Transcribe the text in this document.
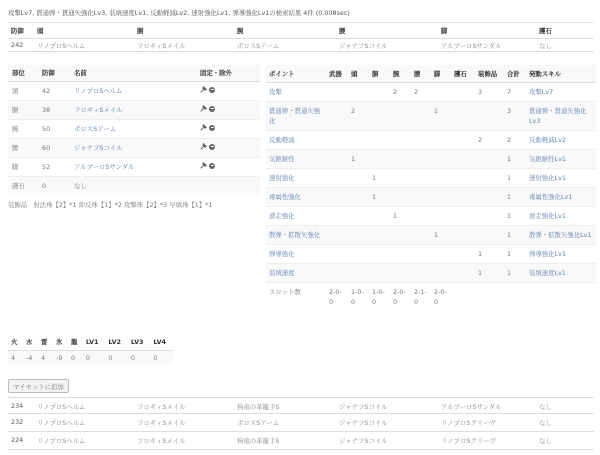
攻撃Lv7, 貫通弾・貫通矢強化Lv3, 装填速度Lv1, 反動軽減Lv2, 速射強化Lv1, 弾導強化Lv1の検索結果 4件 (0.008sec)
防御	頭	胴	腕	腰	脚	護石
242	リノプロSヘルム	フロギィSメイル	ボロスSアーム	ジャナフSコイル	アルブーロSサンダル	なし
部位	防御	名前	固定・除外
頭	42	リノプロSヘルム	

胴	38	フロギィSメイル	

腕	50	ボロスSアーム	

腰	60	ジャナフSコイル	

脚	52	アルブーロSサンダル	

護石	0	なし	
装飾品 射法珠【2】*1 抑反珠【1】*2 攻撃珠【2】*3 早填珠【1】*1
ポイント	武器	頭	胴	腕	腰	脚	護石	装飾品	合計	発動スキル
攻撃				2	2			3	7	攻撃Lv7
貫通弾・貫通矢強化		2				1			3	貫通弾・貫通矢強化Lv3
反動軽減								2	2	反動軽減Lv2
気絶耐性		1							1	気絶耐性Lv1
速射強化			1						1	速射強化Lv1
毒属性強化			1						1	毒属性強化Lv1
滑走強化				1					1	滑走強化Lv1
散弾・拡散矢強化						1			1	散弾・拡散矢強化Lv1
弾導強化								1	1	弾導強化Lv1
装填速度								1	1	装填速度Lv1
スロット数	2-0-0	1-0-0	1-0-0	2-0-0	2-1-0	2-0-0				
火	水	雷	氷	龍	LV1	LV2	LV3	LV4
4	-4	4	-9	0	0	0	0	0
マイセットに追加
234	リノプロSヘルム	フロギィSメイル	狗竜の革籠手S	ジャナフSコイル	アルブーロSサンダル	なし
232	リノプロSヘルム	フロギィSメイル	ボロスSアーム	ジャナフSコイル	リノプロSグリーヴ	なし
224	リノプロSヘルム	フロギィSメイル	狗竜の革籠手S	ジャナフSコイル	リノプロSグリーヴ	なし
